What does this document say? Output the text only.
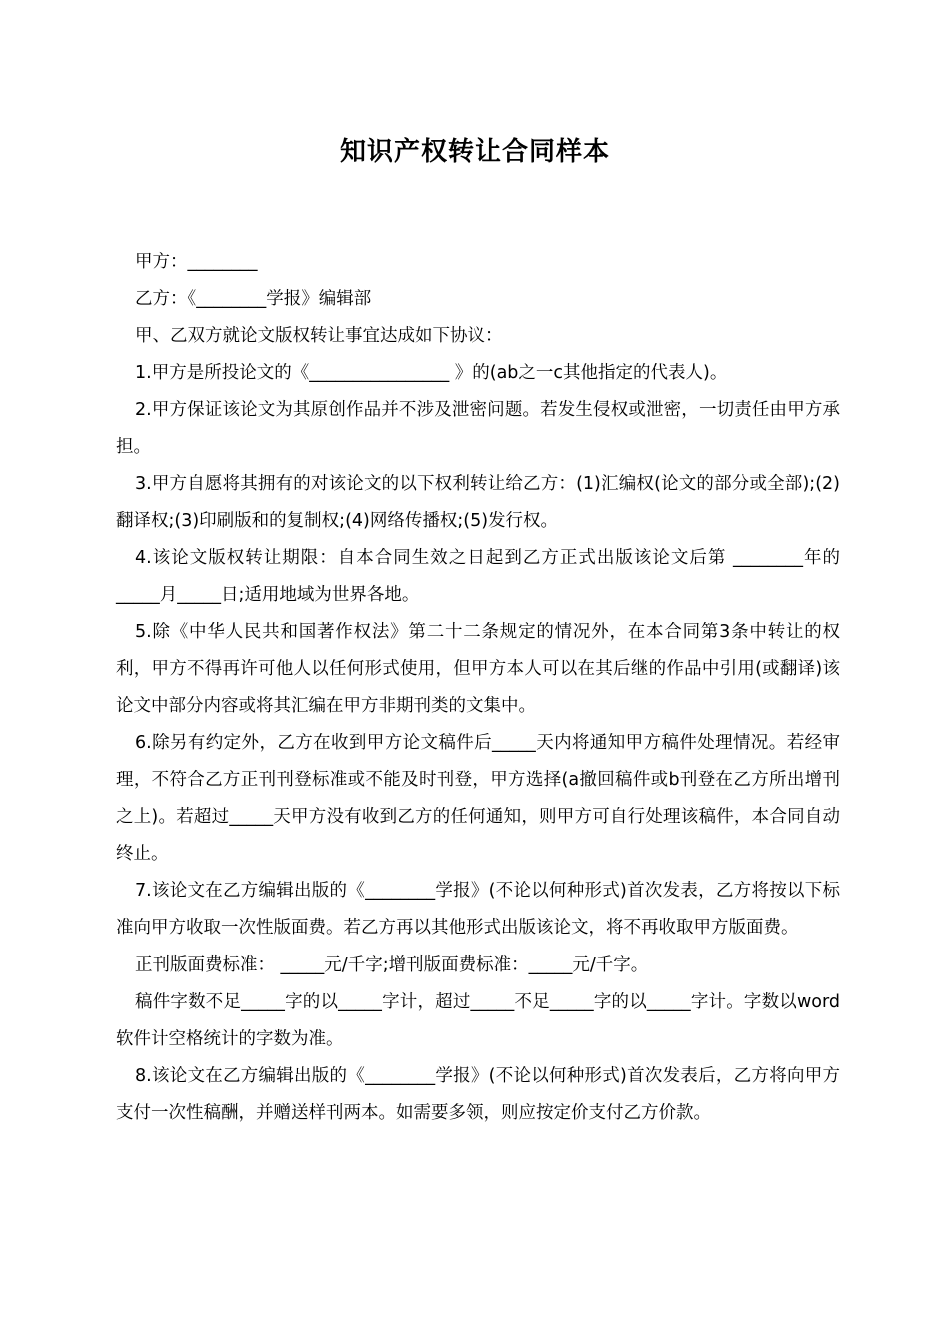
知识产权转让合同样本

甲方：________

乙方：《________学报》编辑部

甲、乙双方就论文版权转让事宜达成如下协议：

1.甲方是所投论文的《________________ 》的(ab之一c其他指定的代表人)。

2.甲方保证该论文为其原创作品并不涉及泄密问题。若发生侵权或泄密，一切责任由甲方承担。

3.甲方自愿将其拥有的对该论文的以下权利转让给乙方：(1)汇编权(论文的部分或全部);(2)翻译权;(3)印刷版和的复制权;(4)网络传播权;(5)发行权。

4.该论文版权转让期限：自本合同生效之日起到乙方正式出版该论文后第 ________年的_____月_____日;适用地域为世界各地。

5.除《中华人民共和国著作权法》第二十二条规定的情况外，在本合同第3条中转让的权利，甲方不得再许可他人以任何形式使用，但甲方本人可以在其后继的作品中引用(或翻译)该论文中部分内容或将其汇编在甲方非期刊类的文集中。

6.除另有约定外，乙方在收到甲方论文稿件后_____天内将通知甲方稿件处理情况。若经审理，不符合乙方正刊刊登标准或不能及时刊登，甲方选择(a撤回稿件或b刊登在乙方所出增刊之上)。若超过_____天甲方没有收到乙方的任何通知，则甲方可自行处理该稿件，本合同自动终止。

7.该论文在乙方编辑出版的《________学报》(不论以何种形式)首次发表，乙方将按以下标准向甲方收取一次性版面费。若乙方再以其他形式出版该论文，将不再收取甲方版面费。

正刊版面费标准： _____元/千字;增刊版面费标准：_____元/千字。

稿件字数不足_____字的以_____字计，超过_____不足_____字的以_____字计。字数以word软件计空格统计的字数为准。

8.该论文在乙方编辑出版的《________学报》(不论以何种形式)首次发表后，乙方将向甲方支付一次性稿酬，并赠送样刊两本。如需要多领，则应按定价支付乙方价款。
